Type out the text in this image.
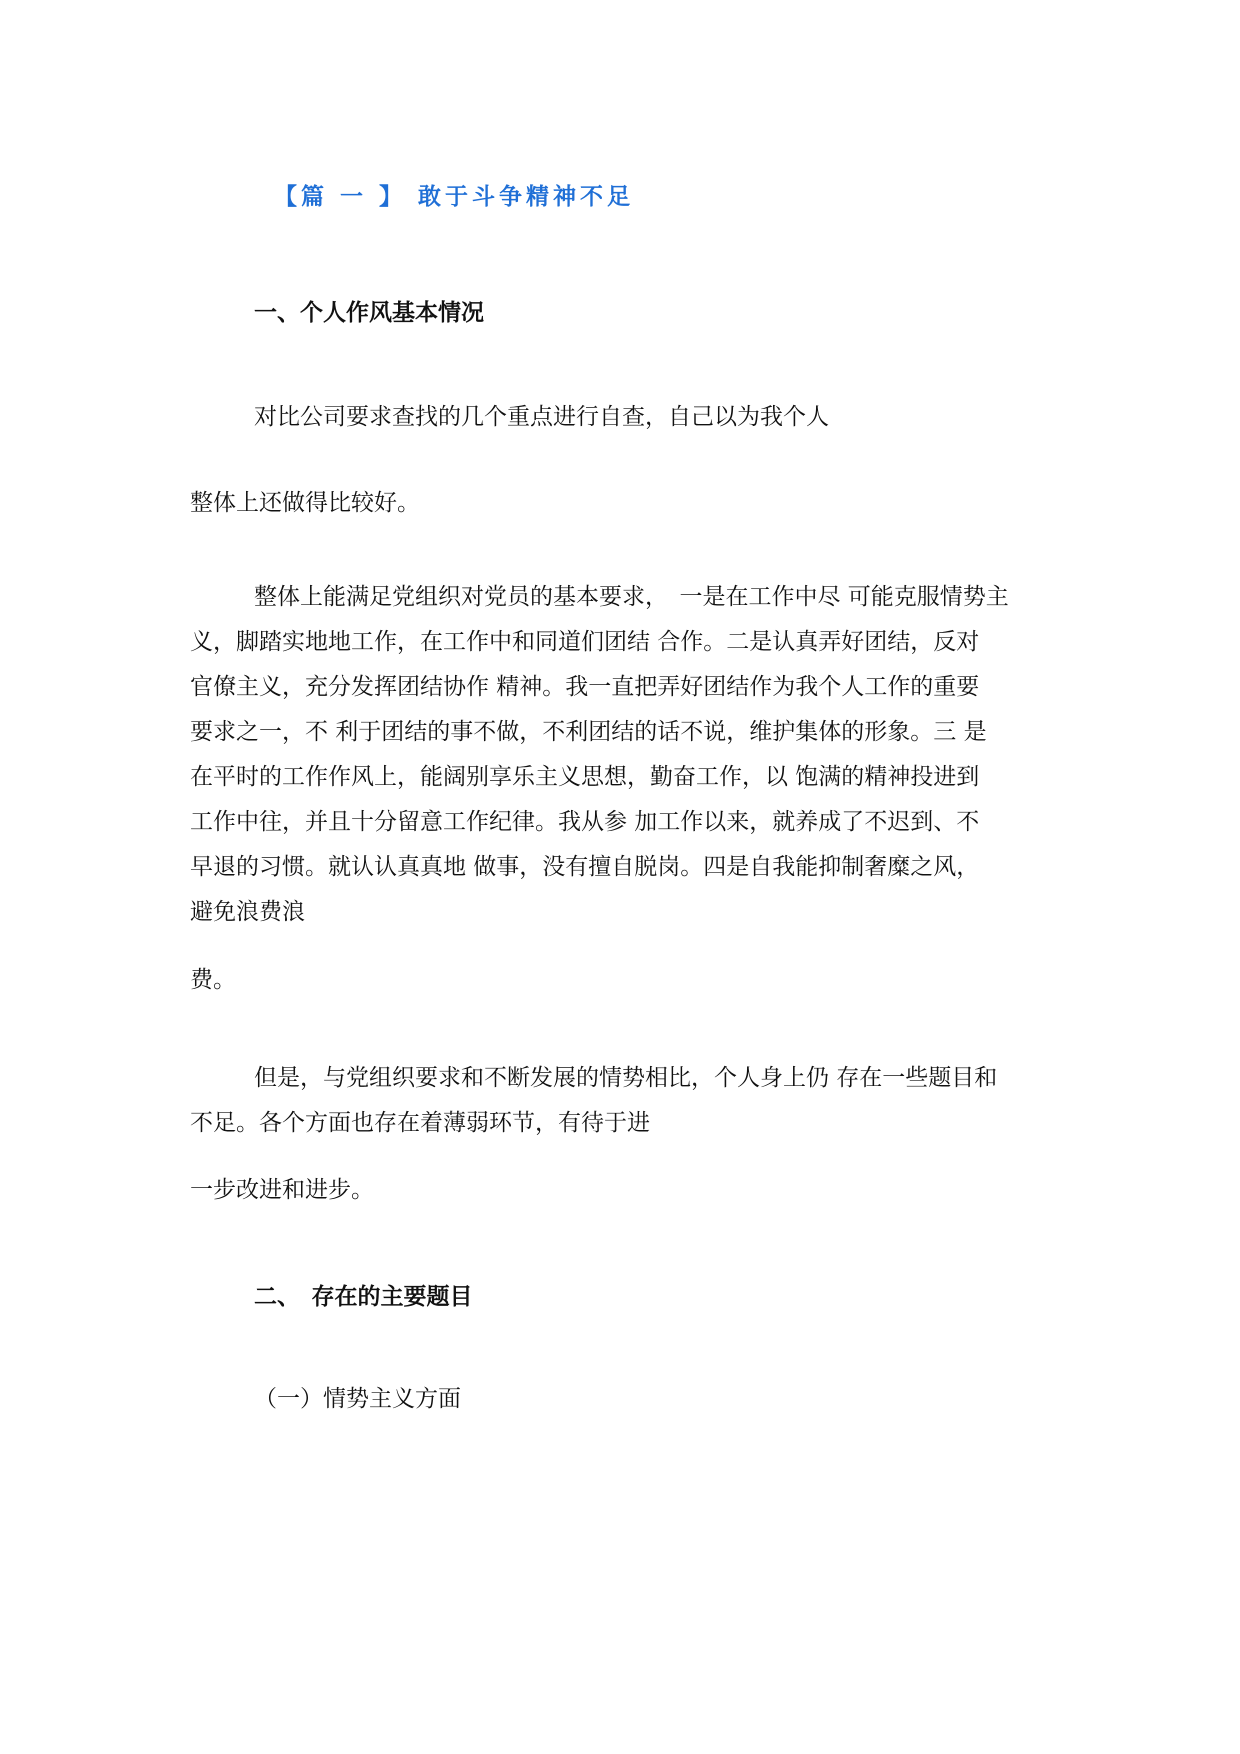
【篇 一 】 敢于斗争精神不足
一、个人作风基本情况
对比公司要求查找的几个重点进行自查，自己以为我个人
整体上还做得比较好。
整体上能满足党组织对党员的基本要求，　一是在工作中尽 可能克服情势主
义，脚踏实地地工作，在工作中和同道们团结 合作。二是认真弄好团结，反对
官僚主义，充分发挥团结协作 精神。我一直把弄好团结作为我个人工作的重要
要求之一，不 利于团结的事不做，不利团结的话不说，维护集体的形象。三 是
在平时的工作作风上，能阔别享乐主义思想，勤奋工作，以 饱满的精神投进到
工作中往，并且十分留意工作纪律。我从参 加工作以来，就养成了不迟到、不
早退的习惯。就认认真真地 做事，没有擅自脱岗。四是自我能抑制奢糜之风，
避免浪费浪
费。
但是，与党组织要求和不断发展的情势相比，个人身上仍 存在一些题目和
不足。各个方面也存在着薄弱环节，有待于进
一步改进和进步。
二、　存在的主要题目
（一）情势主义方面
